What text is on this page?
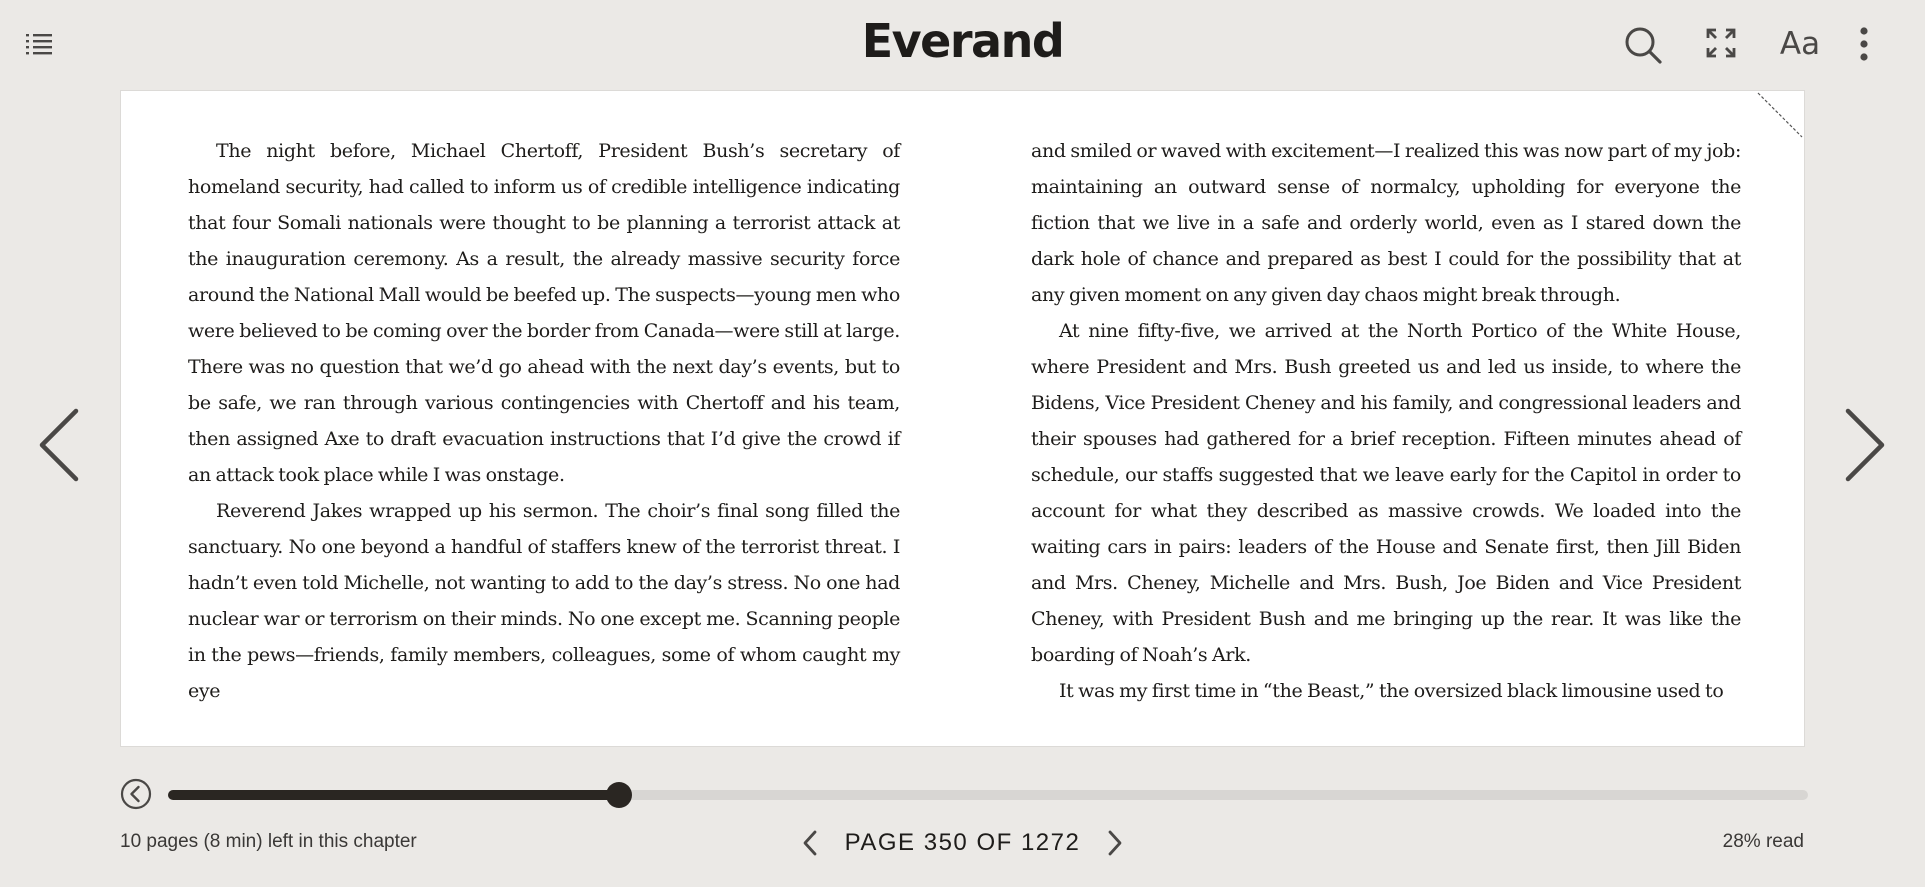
Everand	Aa

The night before, Michael Chertoff, President Bush’s secretary of homeland security, had called to inform us of credible intelligence indicating that four Somali nationals were thought to be planning a terrorist attack at the inauguration ceremony. As a result, the already massive security force around the National Mall would be beefed up. The suspects—young men who were believed to be coming over the border from Canada—were still at large. There was no question that we’d go ahead with the next day’s events, but to be safe, we ran through various contingencies with Chertoff and his team, then assigned Axe to draft evacuation instructions that I’d give the crowd if an attack took place while I was onstage.

Reverend Jakes wrapped up his sermon. The choir’s final song filled the sanctuary. No one beyond a handful of staffers knew of the terrorist threat. I hadn’t even told Michelle, not wanting to add to the day’s stress. No one had nuclear war or terrorism on their minds. No one except me. Scanning people in the pews—friends, family members, colleagues, some of whom caught my eye

and smiled or waved with excitement—I realized this was now part of my job: maintaining an outward sense of normalcy, upholding for everyone the fiction that we live in a safe and orderly world, even as I stared down the dark hole of chance and prepared as best I could for the possibility that at any given moment on any given day chaos might break through.

At nine fifty-five, we arrived at the North Portico of the White House, where President and Mrs. Bush greeted us and led us inside, to where the Bidens, Vice President Cheney and his family, and congressional leaders and their spouses had gathered for a brief reception. Fifteen minutes ahead of schedule, our staffs suggested that we leave early for the Capitol in order to account for what they described as massive crowds. We loaded into the waiting cars in pairs: leaders of the House and Senate first, then Jill Biden and Mrs. Cheney, Michelle and Mrs. Bush, Joe Biden and Vice President Cheney, with President Bush and me bringing up the rear. It was like the boarding of Noah’s Ark.

It was my first time in “the Beast,” the oversized black limousine used to

10 pages (8 min) left in this chapter	PAGE 350 OF 1272	28% read
